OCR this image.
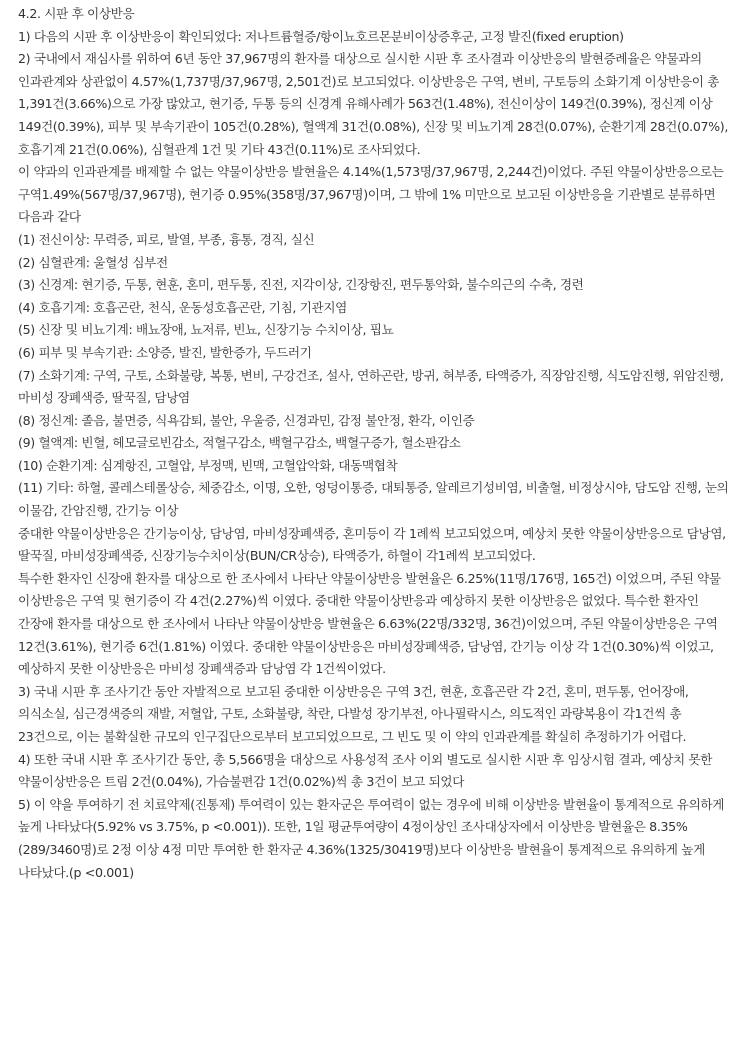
4.2. 시판 후 이상반응

1) 다음의 시판 후 이상반응이 확인되었다: 저나트륨혈증/항이뇨호르몬분비이상증후군, 고정 발진(fixed eruption)

2) 국내에서 재심사를 위하여 6년 동안 37,967명의 환자를 대상으로 실시한 시판 후 조사결과 이상반응의 발현증례율은 약물과의 인과관계와 상관없이 4.57%(1,737명/37,967명, 2,501건)로 보고되었다. 이상반응은 구역, 변비, 구토등의 소화기계 이상반응이 총 1,391건(3.66%)으로 가장 많았고, 현기증, 두통 등의 신경계 유해사례가 563건(1.48%), 전신이상이 149건(0.39%), 정신계 이상 149건(0.39%), 피부 및 부속기관이 105건(0.28%), 혈액계 31건(0.08%), 신장 및 비뇨기계 28건(0.07%), 순환기계 28건(0.07%), 호흡기계 21건(0.06%), 심혈관계 1건 및 기타 43건(0.11%)로 조사되었다.

이 약과의 인과관계를 배제할 수 없는 약물이상반응 발현율은 4.14%(1,573명/37,967명, 2,244건)이었다. 주된 약물이상반응으로는 구역1.49%(567명/37,967명), 현기증 0.95%(358명/37,967명)이며, 그 밖에 1% 미만으로 보고된 이상반응을 기관별로 분류하면 다음과 같다

(1) 전신이상: 무력증, 피로, 발열, 부종, 흉통, 경직, 실신

(2) 심혈관계: 울혈성 심부전

(3) 신경계: 현기증, 두통, 현훈, 혼미, 편두통, 진전, 지각이상, 긴장항진, 편두통악화, 불수의근의 수축, 경련

(4) 호흡기계: 호흡곤란, 천식, 운동성호흡곤란, 기침, 기관지염

(5) 신장 및 비뇨기계: 배뇨장애, 뇨저류, 빈뇨, 신장기능 수치이상, 핍뇨

(6) 피부 및 부속기관: 소양증, 발진, 발한증가, 두드러기

(7) 소화기계: 구역, 구토, 소화불량, 복통, 변비, 구강건조, 설사, 연하곤란, 방귀, 혀부종, 타액증가, 직장암진행, 식도암진행, 위암진행, 마비성 장폐색증, 딸꾹질, 담낭염

(8) 정신계: 졸음, 불면증, 식욕감퇴, 불안, 우울증, 신경과민, 감정 불안정, 환각, 이인증

(9) 혈액계: 빈혈, 헤모글로빈감소, 적혈구감소, 백혈구감소, 백혈구증가, 혈소판감소

(10) 순환기계: 심계항진, 고혈압, 부정맥, 빈맥, 고혈압악화, 대동맥협착

(11) 기타: 하혈, 콜레스테롤상승, 체중감소, 이명, 오한, 엉덩이통증, 대퇴통증, 알레르기성비염, 비출혈, 비정상시야, 담도암 진행, 눈의 이물감, 간암진행, 간기능 이상

중대한 약물이상반응은 간기능이상, 담낭염, 마비성장폐색증, 혼미등이 각 1례씩 보고되었으며, 예상치 못한 약물이상반응으로 담낭염, 딸꾹질, 마비성장폐색증, 신장기능수치이상(BUN/CR상승), 타액증가, 하혈이 각1례씩 보고되었다.

특수한 환자인 신장애 환자를 대상으로 한 조사에서 나타난 약물이상반응 발현율은 6.25%(11명/176명, 165건) 이었으며, 주된 약물 이상반응은 구역 및 현기증이 각 4건(2.27%)씩 이였다. 중대한 약물이상반응과 예상하지 못한 이상반응은 없었다. 특수한 환자인 간장애 환자를 대상으로 한 조사에서 나타난 약물이상반응 발현율은 6.63%(22명/332명, 36건)이었으며, 주된 약물이상반응은 구역 12건(3.61%), 현기증 6건(1.81%) 이였다. 중대한 약물이상반응은 마비성장폐색증, 담낭염, 간기능 이상 각 1건(0.30%)씩 이었고, 예상하지 못한 이상반응은 마비성 장폐색증과 담낭염 각 1건씩이었다.

3) 국내 시판 후 조사기간 동안 자발적으로 보고된 중대한 이상반응은 구역 3건, 현훈, 호흡곤란 각 2건, 혼미, 편두통, 언어장애, 의식소실, 심근경색증의 재발, 저혈압, 구토, 소화불량, 착란, 다발성 장기부전, 아나필락시스, 의도적인 과량복용이 각1건씩 총 23건으로, 이는 불확실한 규모의 인구집단으로부터 보고되었으므로, 그 빈도 및 이 약의 인과관계를 확실히 추정하기가 어렵다.

4) 또한 국내 시판 후 조사기간 동안, 총 5,566명을 대상으로 사용성적 조사 이외 별도로 실시한 시판 후 임상시험 결과, 예상치 못한 약물이상반응은 트림 2건(0.04%), 가슴불편감 1건(0.02%)씩 총 3건이 보고 되었다

5) 이 약을 투여하기 전 치료약제(진통제) 투여력이 있는 환자군은 투여력이 없는 경우에 비해 이상반응 발현율이 통계적으로 유의하게 높게 나타났다(5.92% vs 3.75%, p <0.001)). 또한, 1일 평균투여량이 4정이상인 조사대상자에서 이상반응 발현율은 8.35%(289/3460명)로 2정 이상 4정 미만 투여한 한 환자군 4.36%(1325/30419명)보다 이상반응 발현율이 통계적으로 유의하게 높게 나타났다.(p <0.001)
